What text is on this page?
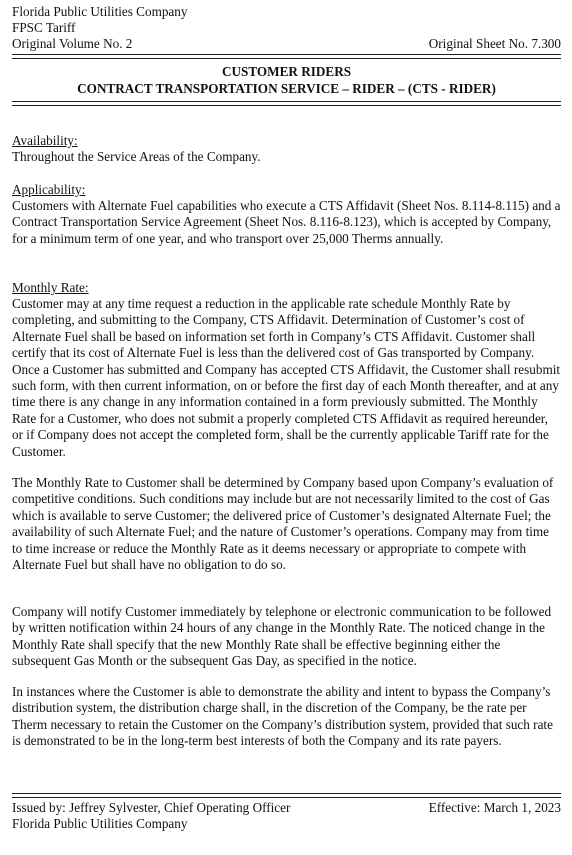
Florida Public Utilities Company
FPSC Tariff
Original Volume No. 2	Original Sheet No. 7.300
CUSTOMER RIDERS
CONTRACT TRANSPORTATION SERVICE – RIDER – (CTS - RIDER)
Availability:
Throughout the Service Areas of the Company.
Applicability:
Customers with Alternate Fuel capabilities who execute a CTS Affidavit (Sheet Nos. 8.114-8.115) and a Contract Transportation Service Agreement (Sheet Nos. 8.116-8.123), which is accepted by Company, for a minimum term of one year, and who transport over 25,000 Therms annually.
Monthly Rate:
Customer may at any time request a reduction in the applicable rate schedule Monthly Rate by completing, and submitting to the Company, CTS Affidavit. Determination of Customer’s cost of Alternate Fuel shall be based on information set forth in Company’s CTS Affidavit. Customer shall certify that its cost of Alternate Fuel is less than the delivered cost of Gas transported by Company. Once a Customer has submitted and Company has accepted CTS Affidavit, the Customer shall resubmit such form, with then current information, on or before the first day of each Month thereafter, and at any time there is any change in any information contained in a form previously submitted. The Monthly Rate for a Customer, who does not submit a properly completed CTS Affidavit as required hereunder, or if Company does not accept the completed form, shall be the currently applicable Tariff rate for the Customer.
The Monthly Rate to Customer shall be determined by Company based upon Company’s evaluation of competitive conditions. Such conditions may include but are not necessarily limited to the cost of Gas which is available to serve Customer; the delivered price of Customer’s designated Alternate Fuel; the availability of such Alternate Fuel; and the nature of Customer’s operations. Company may from time to time increase or reduce the Monthly Rate as it deems necessary or appropriate to compete with Alternate Fuel but shall have no obligation to do so.
Company will notify Customer immediately by telephone or electronic communication to be followed by written notification within 24 hours of any change in the Monthly Rate. The noticed change in the Monthly Rate shall specify that the new Monthly Rate shall be effective beginning either the subsequent Gas Month or the subsequent Gas Day, as specified in the notice.
In instances where the Customer is able to demonstrate the ability and intent to bypass the Company’s distribution system, the distribution charge shall, in the discretion of the Company, be the rate per Therm necessary to retain the Customer on the Company’s distribution system, provided that such rate is demonstrated to be in the long-term best interests of both the Company and its rate payers.
Issued by: Jeffrey Sylvester, Chief Operating Officer	Effective: March 1, 2023
Florida Public Utilities Company
